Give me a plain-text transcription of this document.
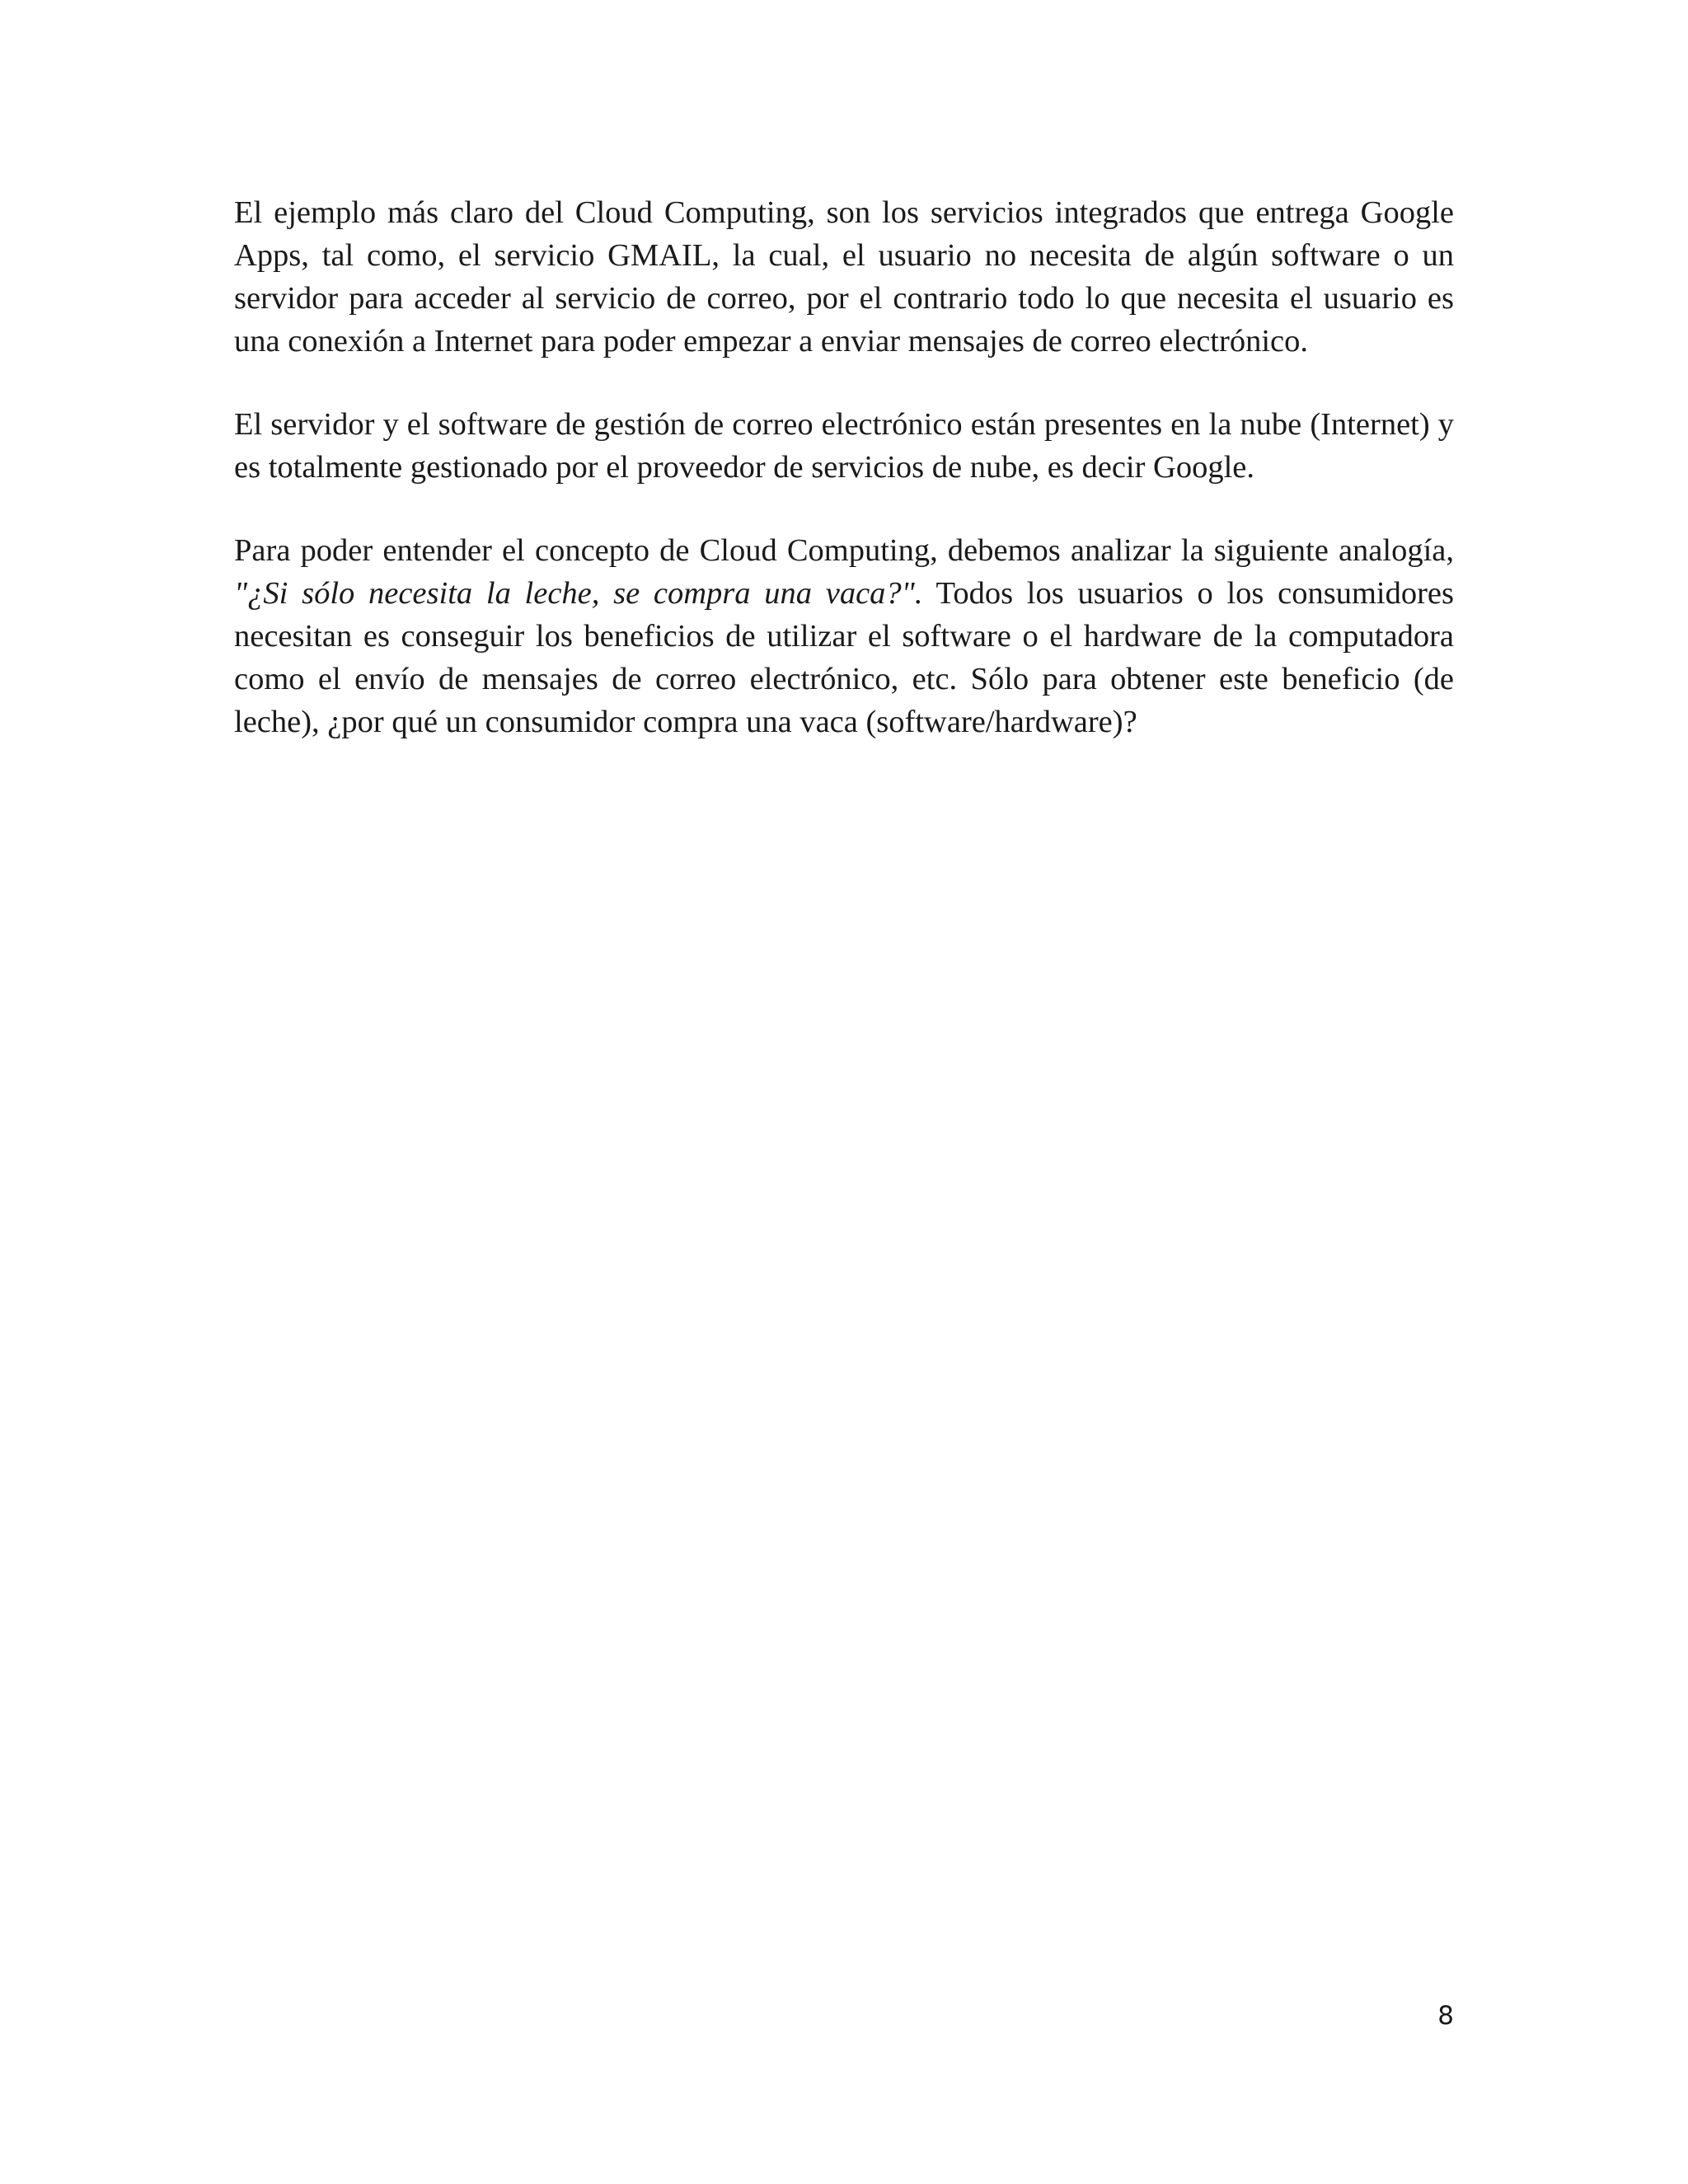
El ejemplo más claro del Cloud Computing, son los servicios integrados que entrega Google Apps, tal como, el servicio GMAIL, la cual, el usuario no necesita de algún software o un servidor para acceder al servicio de correo, por el contrario todo lo que necesita el usuario es una conexión a Internet para poder empezar a enviar mensajes de correo electrónico.

El servidor y el software de gestión de correo electrónico están presentes en la nube (Internet) y es totalmente gestionado por el proveedor de servicios de nube, es decir Google.

Para poder entender el concepto de Cloud Computing, debemos analizar la siguiente analogía, "¿Si sólo necesita la leche, se compra una vaca?". Todos los usuarios o los consumidores necesitan es conseguir los beneficios de utilizar el software o el hardware de la computadora como el envío de mensajes de correo electrónico, etc. Sólo para obtener este beneficio (de leche), ¿por qué un consumidor compra una vaca (software/hardware)?

8
